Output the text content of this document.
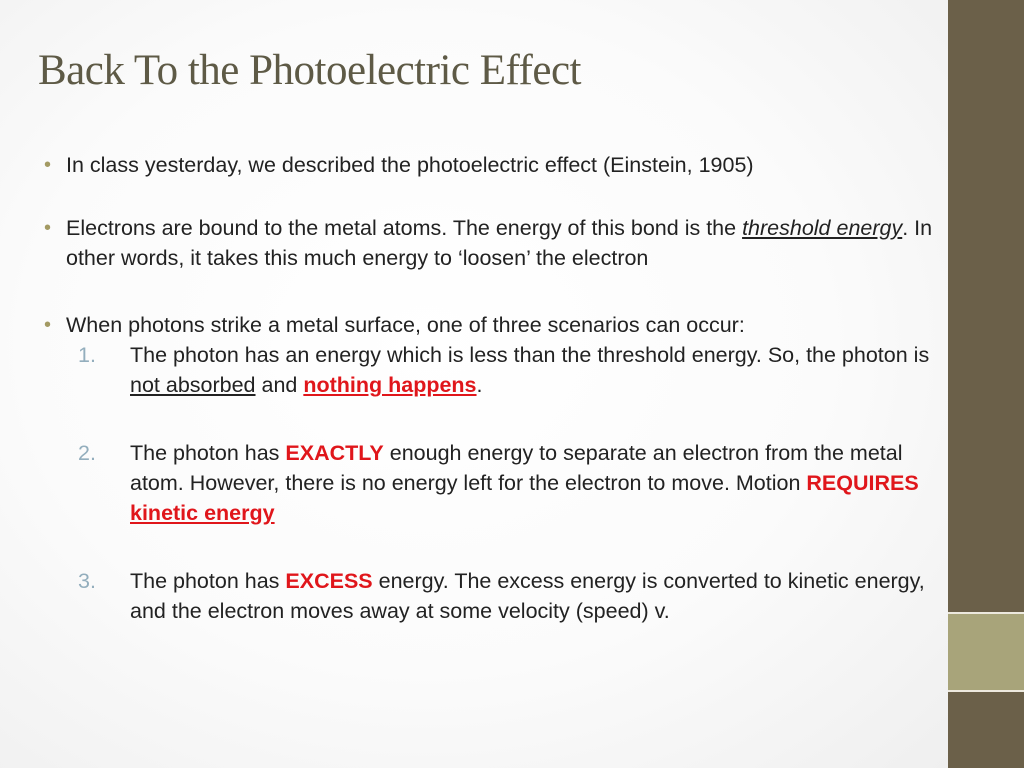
Back To the Photoelectric Effect
• In class yesterday, we described the photoelectric effect (Einstein, 1905)
• Electrons are bound to the metal atoms. The energy of this bond is the threshold energy. In other words, it takes this much energy to ‘loosen’ the electron
• When photons strike a metal surface, one of three scenarios can occur:
1. The photon has an energy which is less than the threshold energy. So, the photon is not absorbed and nothing happens.
2. The photon has EXACTLY enough energy to separate an electron from the metal atom. However, there is no energy left for the electron to move. Motion REQUIRES kinetic energy
3. The photon has EXCESS energy. The excess energy is converted to kinetic energy, and the electron moves away at some velocity (speed) v.
